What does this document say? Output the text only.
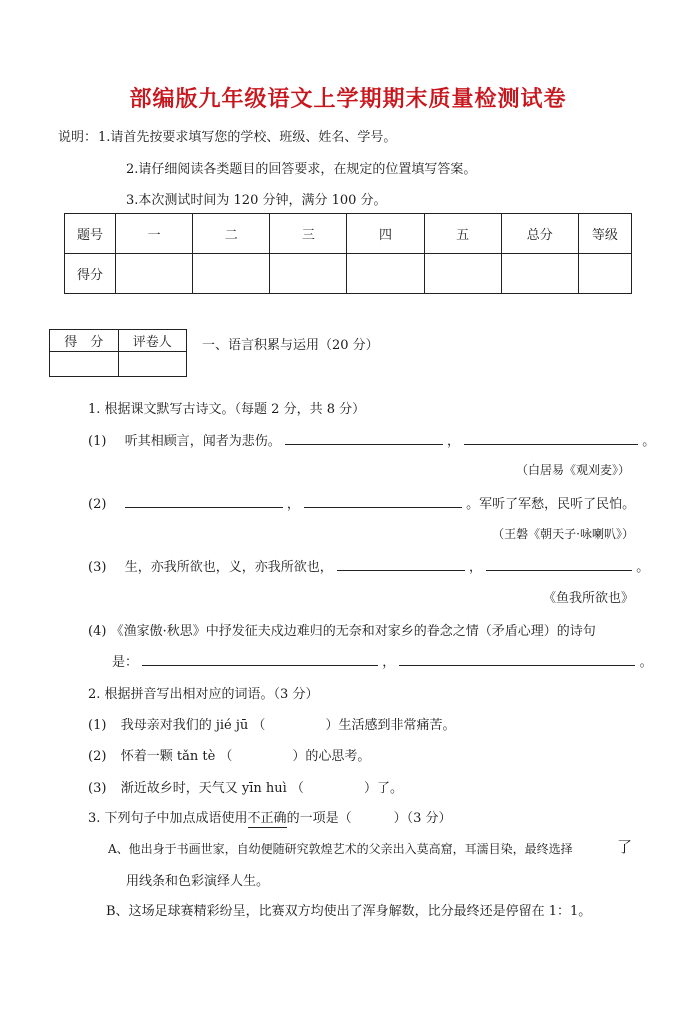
部编版九年级语文上学期期末质量检测试卷
说明： 1.请首先按要求填写您的学校、班级、姓名、学号。
2.请仔细阅读各类题目的回答要求，在规定的位置填写答案。
3.本次测试时间为 120 分钟，满分 100 分。
题号	一	二	三	四	五	总分	等级
得分							
得　分	评卷人
	一、语言积累与运用（20 分）
1. 根据课文默写古诗文。（每题 2 分，共 8 分）
(1) 听其相顾言，闻者为悲伤。	，	。
（白居易《观刈麦》）
(2)	，	。军听了军愁，民听了民怕。
（王磐《朝天子·咏喇叭》）
(3) 生，亦我所欲也，义，亦我所欲也，	，	。
《鱼我所欲也》
(4) 《渔家傲·秋思》中抒发征夫戍边难归的无奈和对家乡的眷念之情（矛盾心理）的诗句
是：	，	。
2. 根据拼音写出相对应的词语。（3 分）
(1) 我母亲对我们的 jié jū （	）生活感到非常痛苦。
(2) 怀着一颗 tǎn tè （	）的心思考。
(3) 渐近故乡时，天气又 yīn huì （	）了。
3. 下列句子中加点成语使用不正确的一项是（	）（3 分）
A、他出身于书画世家，自幼便随研究敦煌艺术的父亲出入莫高窟，耳濡目染，最终选择	了
用线条和色彩演绎人生。
B、这场足球赛精彩纷呈，比赛双方均使出了浑身解数，比分最终还是停留在 1：1。
